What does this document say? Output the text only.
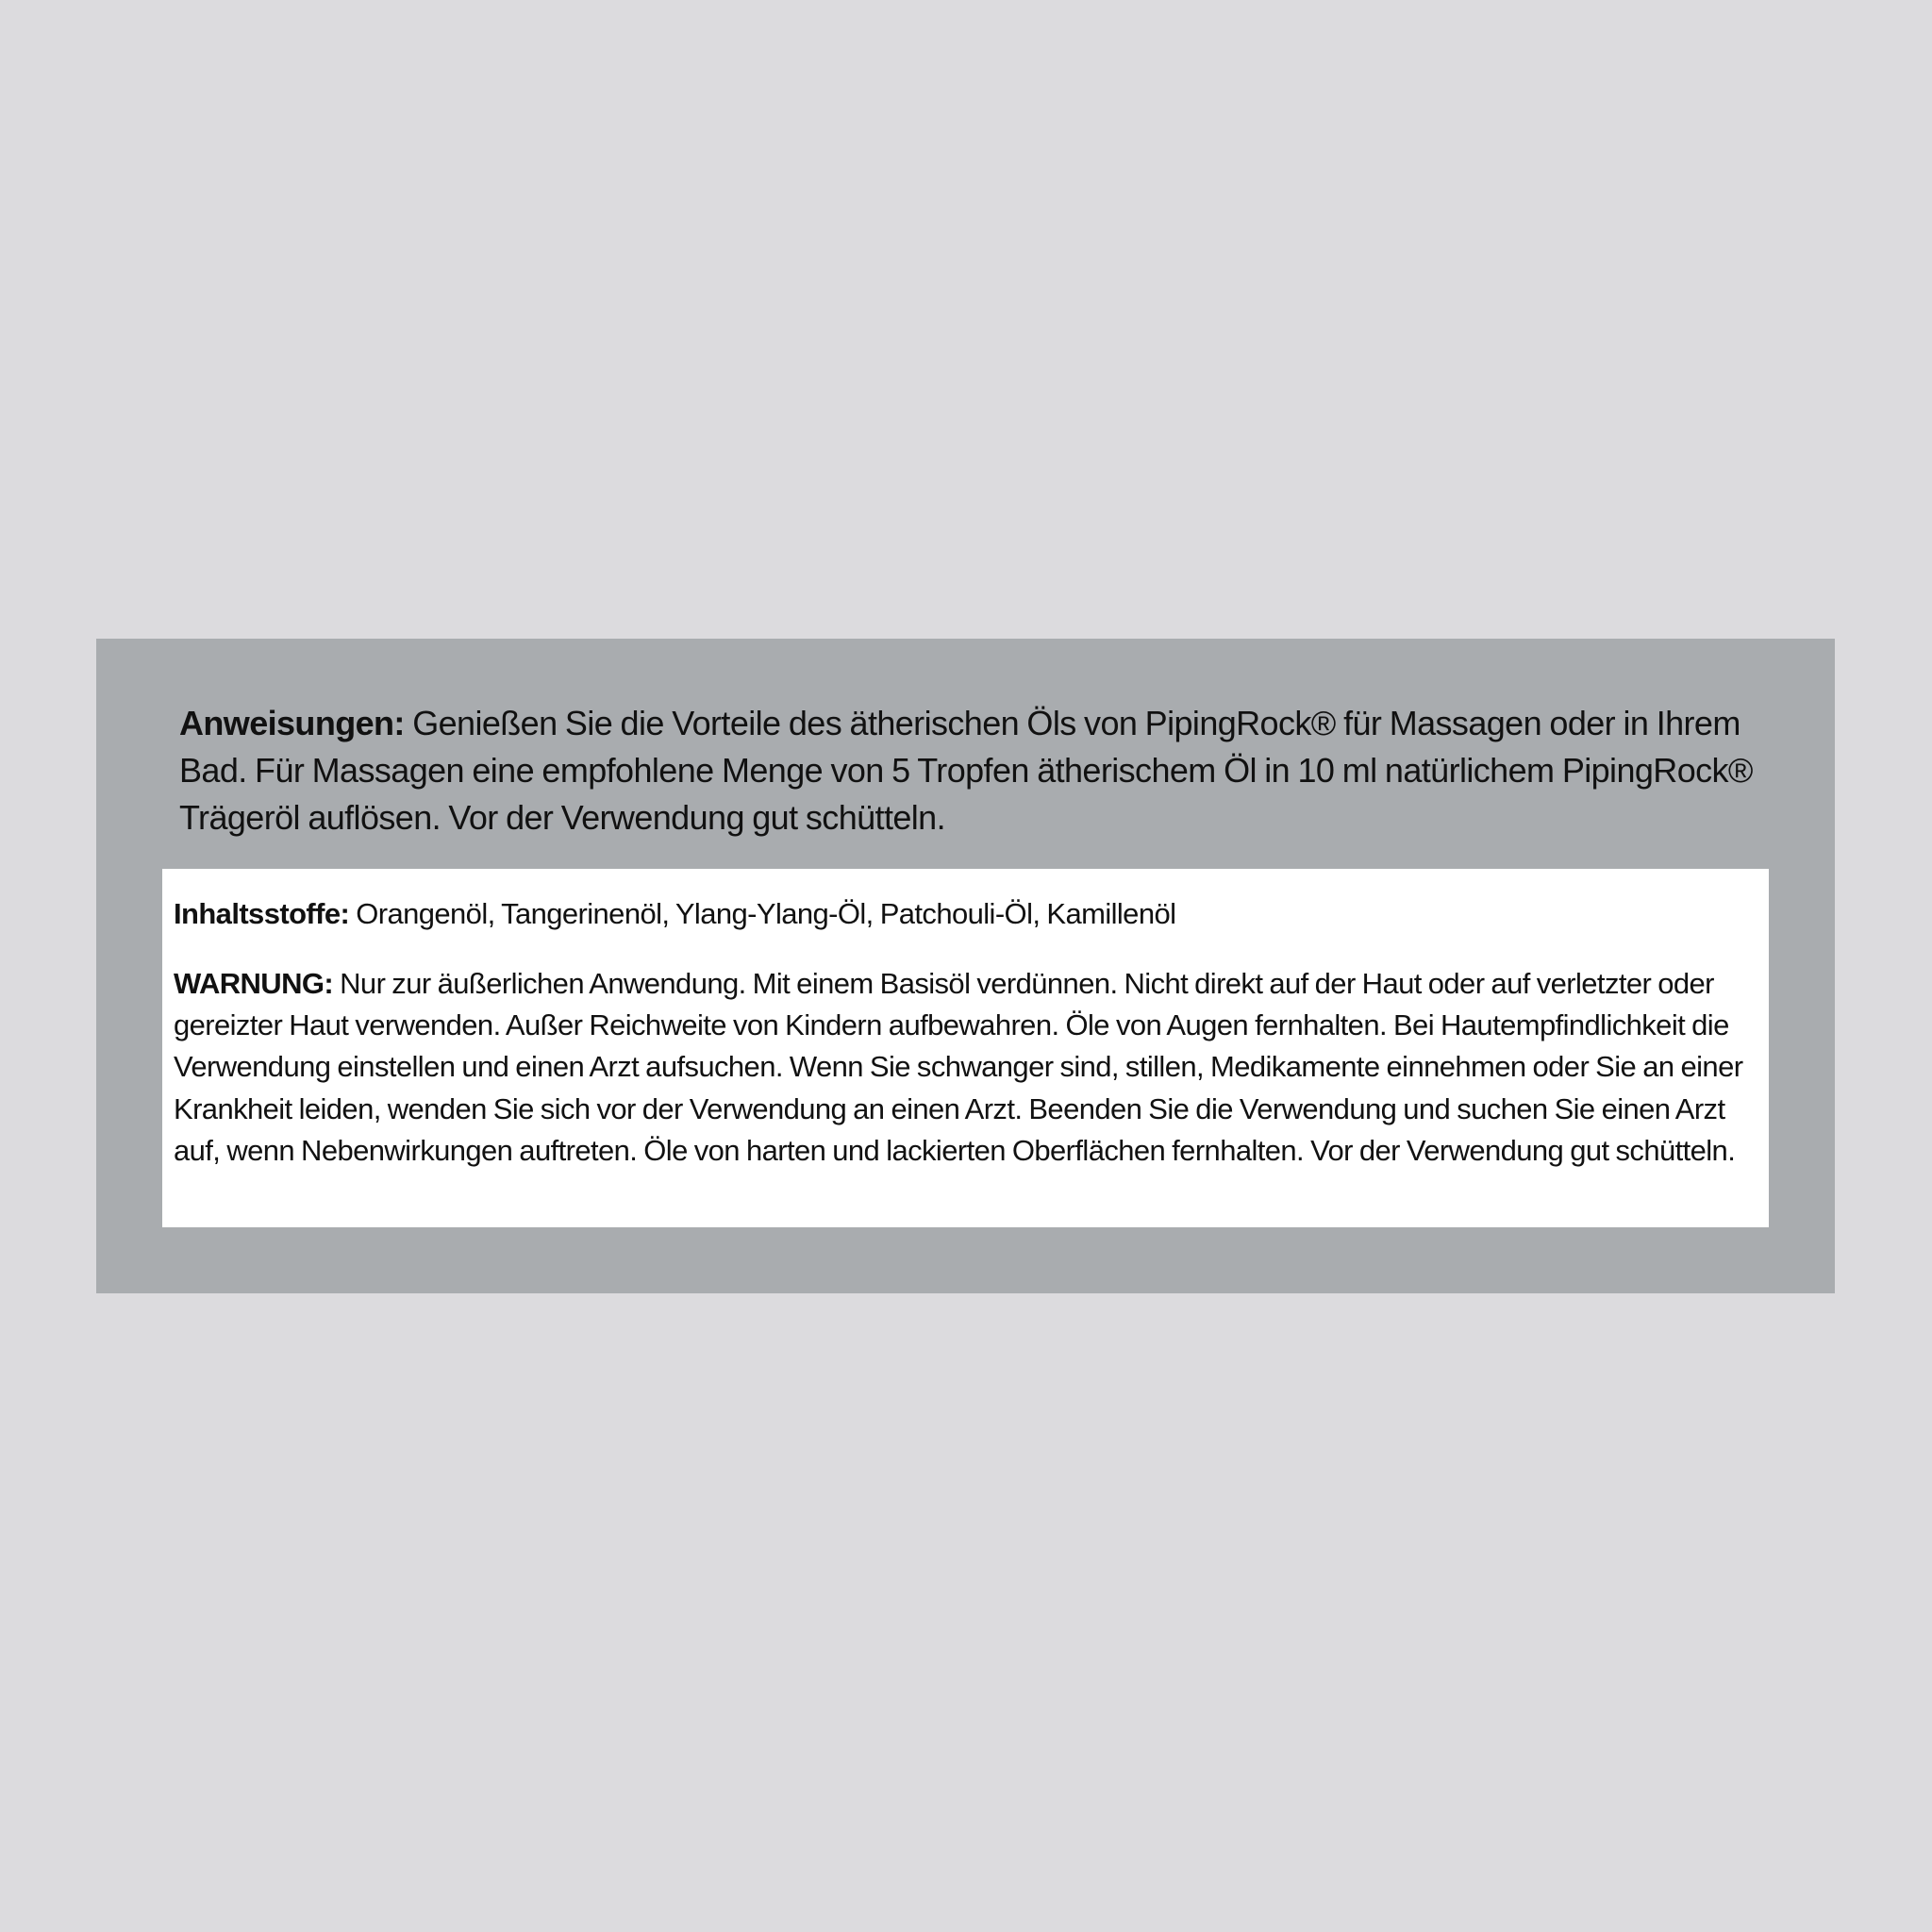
Anweisungen: Genießen Sie die Vorteile des ätherischen Öls von PipingRock® für Massagen oder in Ihrem Bad. Für Massagen eine empfohlene Menge von 5 Tropfen ätherischem Öl in 10 ml natürlichem PipingRock® Trägeröl auflösen. Vor der Verwendung gut schütteln.

Inhaltsstoffe: Orangenöl, Tangerinenöl, Ylang-Ylang-Öl, Patchouli-Öl, Kamillenöl

WARNUNG: Nur zur äußerlichen Anwendung. Mit einem Basisöl verdünnen. Nicht direkt auf der Haut oder auf verletzter oder gereizter Haut verwenden. Außer Reichweite von Kindern aufbewahren. Öle von Augen fernhalten. Bei Hautempfindlichkeit die Verwendung einstellen und einen Arzt aufsuchen. Wenn Sie schwanger sind, stillen, Medikamente einnehmen oder Sie an einer Krankheit leiden, wenden Sie sich vor der Verwendung an einen Arzt. Beenden Sie die Verwendung und suchen Sie einen Arzt auf, wenn Nebenwirkungen auftreten. Öle von harten und lackierten Oberflächen fernhalten. Vor der Verwendung gut schütteln.
